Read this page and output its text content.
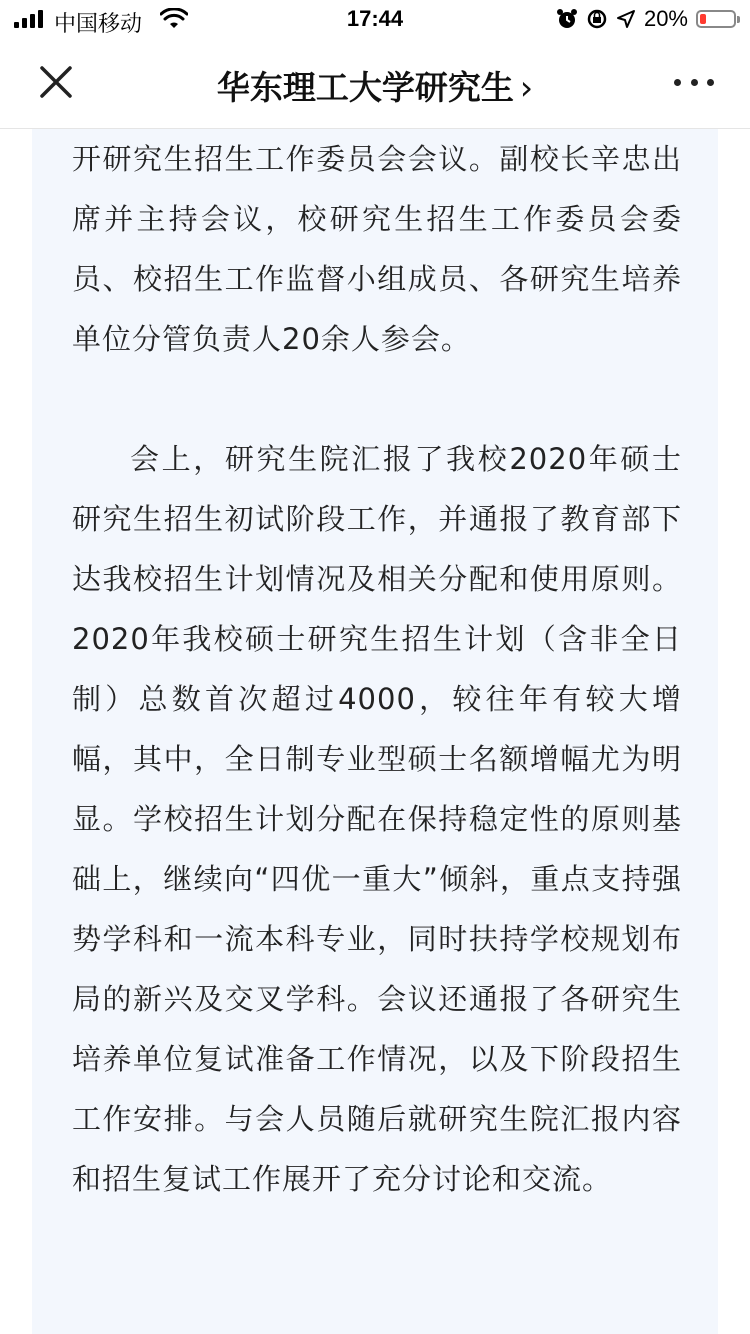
中国移动	17:44	20%
华东理工大学研究生 ›

开研究生招生工作委员会会议。副校长辛忠出席并主持会议，校研究生招生工作委员会委员、校招生工作监督小组成员、各研究生培养单位分管负责人20余人参会。

会上，研究生院汇报了我校2020年硕士研究生招生初试阶段工作，并通报了教育部下达我校招生计划情况及相关分配和使用原则。2020年我校硕士研究生招生计划（含非全日制）总数首次超过4000，较往年有较大增幅，其中，全日制专业型硕士名额增幅尤为明显。学校招生计划分配在保持稳定性的原则基础上，继续向“四优一重大”倾斜，重点支持强势学科和一流本科专业，同时扶持学校规划布局的新兴及交叉学科。会议还通报了各研究生培养单位复试准备工作情况，以及下阶段招生工作安排。与会人员随后就研究生院汇报内容和招生复试工作展开了充分讨论和交流。
